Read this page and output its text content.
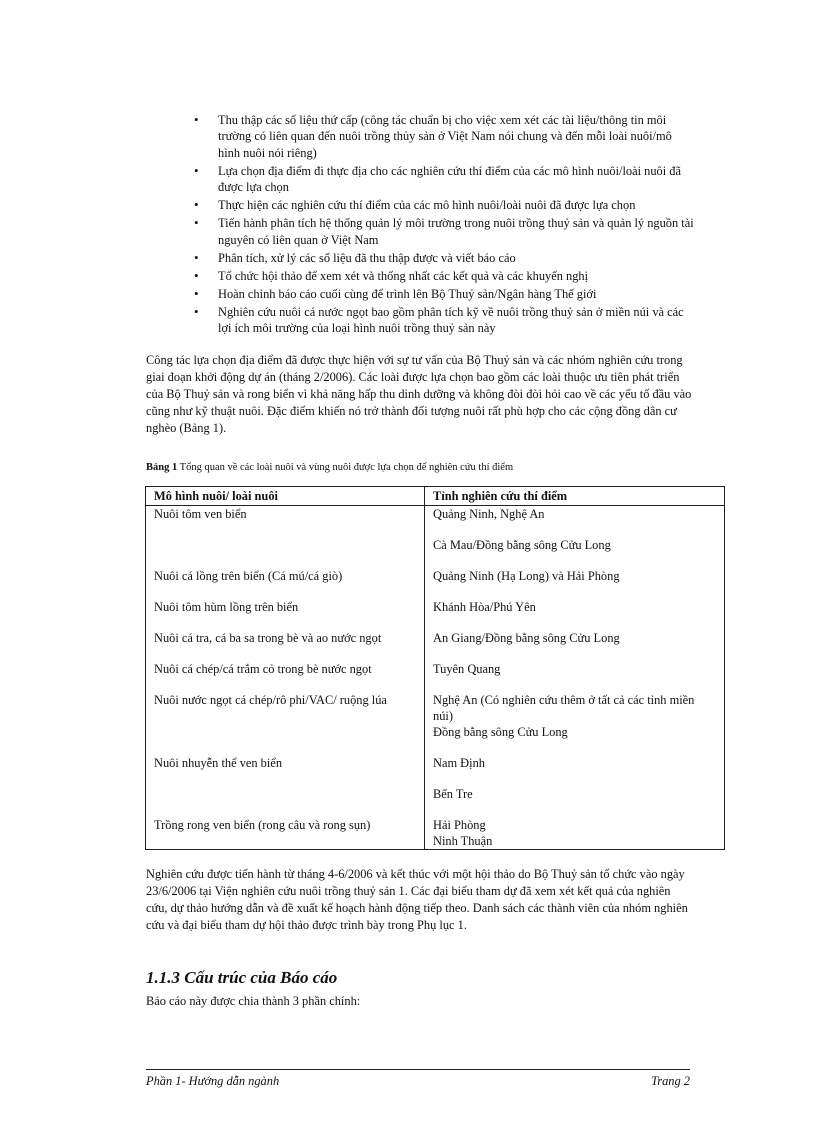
• Thu thập các số liệu thứ cấp (công tác chuẩn bị cho việc xem xét các tài liệu/thông tin môi trường có liên quan đến nuôi trồng thủy sản ở Việt Nam nói chung và đến mỗi loài nuôi/mô hình nuôi nói riêng)
• Lựa chọn địa điểm đi thực địa cho các nghiên cứu thí điểm của các mô hình nuôi/loài nuôi đã được lựa chọn
• Thực hiện các nghiên cứu thí điểm của các mô hình nuôi/loài nuôi đã được lựa chọn
• Tiến hành phân tích hệ thống quản lý môi trường trong nuôi trồng thuỷ sản và quản lý nguồn tài nguyên có liên quan ở Việt Nam
• Phân tích, xử lý các số liệu đã thu thập được và viết báo cáo
• Tổ chức hội thảo để xem xét và thống nhất các kết quả và các khuyến nghị
• Hoàn chỉnh báo cáo cuối cùng để trình lên Bộ Thuỷ sản/Ngân hàng Thế giới
• Nghiên cứu nuôi cá nước ngọt bao gồm phân tích kỹ về nuôi trồng thuỷ sản ở miền núi và các lợi ích môi trường của loại hình nuôi trồng thuỷ sản này

Công tác lựa chọn địa điểm đã được thực hiện với sự tư vấn của Bộ Thuỷ sản và các nhóm nghiên cứu trong giai đoạn khởi động dự án (tháng 2/2006). Các loài được lựa chọn bao gồm các loài thuộc ưu tiên phát triển của Bộ Thuỷ sản và rong biển vì khả năng hấp thu dinh dưỡng và không đòi đòi hỏi cao về các yếu tố đầu vào cũng như kỹ thuật nuôi. Đặc điểm khiến nó trở thành đối tượng nuôi rất phù hợp cho các cộng đồng dân cư nghèo (Bảng 1).

Bảng 1 Tổng quan về các loài nuôi và vùng nuôi được lựa chọn để nghiên cứu thí điểm
Mô hình nuôi/ loài nuôi	Tỉnh nghiên cứu thí điểm
Nuôi tôm ven biển	Quảng Ninh, Nghệ An
Cà Mau/Đồng bằng sông Cửu Long

Nuôi cá lồng trên biển (Cá mú/cá giò)	Quảng Ninh (Hạ Long) và Hải Phòng

Nuôi tôm hùm lồng trên biển	Khánh Hòa/Phú Yên

Nuôi cá tra, cá ba sa trong bè và ao nước ngọt	An Giang/Đồng bằng sông Cửu Long

Nuôi cá chép/cá trắm cỏ trong bè nước ngọt	Tuyên Quang

Nuôi nước ngọt cá chép/rô phi/VAC/ ruộng lúa	Nghệ An (Có nghiên cứu thêm ở tất cả các tỉnh miền núi)
Đồng bằng sông Cửu Long

Nuôi nhuyễn thể ven biển	Nam Định
Bến Tre

Trồng rong ven biển (rong câu và rong sụn)	Hải Phòng
Ninh Thuận

Nghiên cứu được tiến hành từ tháng 4-6/2006 và kết thúc với một hội thảo do Bộ Thuỷ sản tổ chức vào ngày 23/6/2006 tại Viện nghiên cứu nuôi trồng thuỷ sản 1. Các đại biểu tham dự đã xem xét kết quả của nghiên cứu, dự thảo hướng dẫn và đề xuất kế hoạch hành động tiếp theo. Danh sách các thành viên của nhóm nghiên cứu và đại biểu tham dự hội thảo được trình bày trong Phụ lục 1.

1.1.3 Cấu trúc của Báo cáo

Báo cáo này được chia thành 3 phần chính:

Phần 1- Hướng dẫn ngành	Trang 2
